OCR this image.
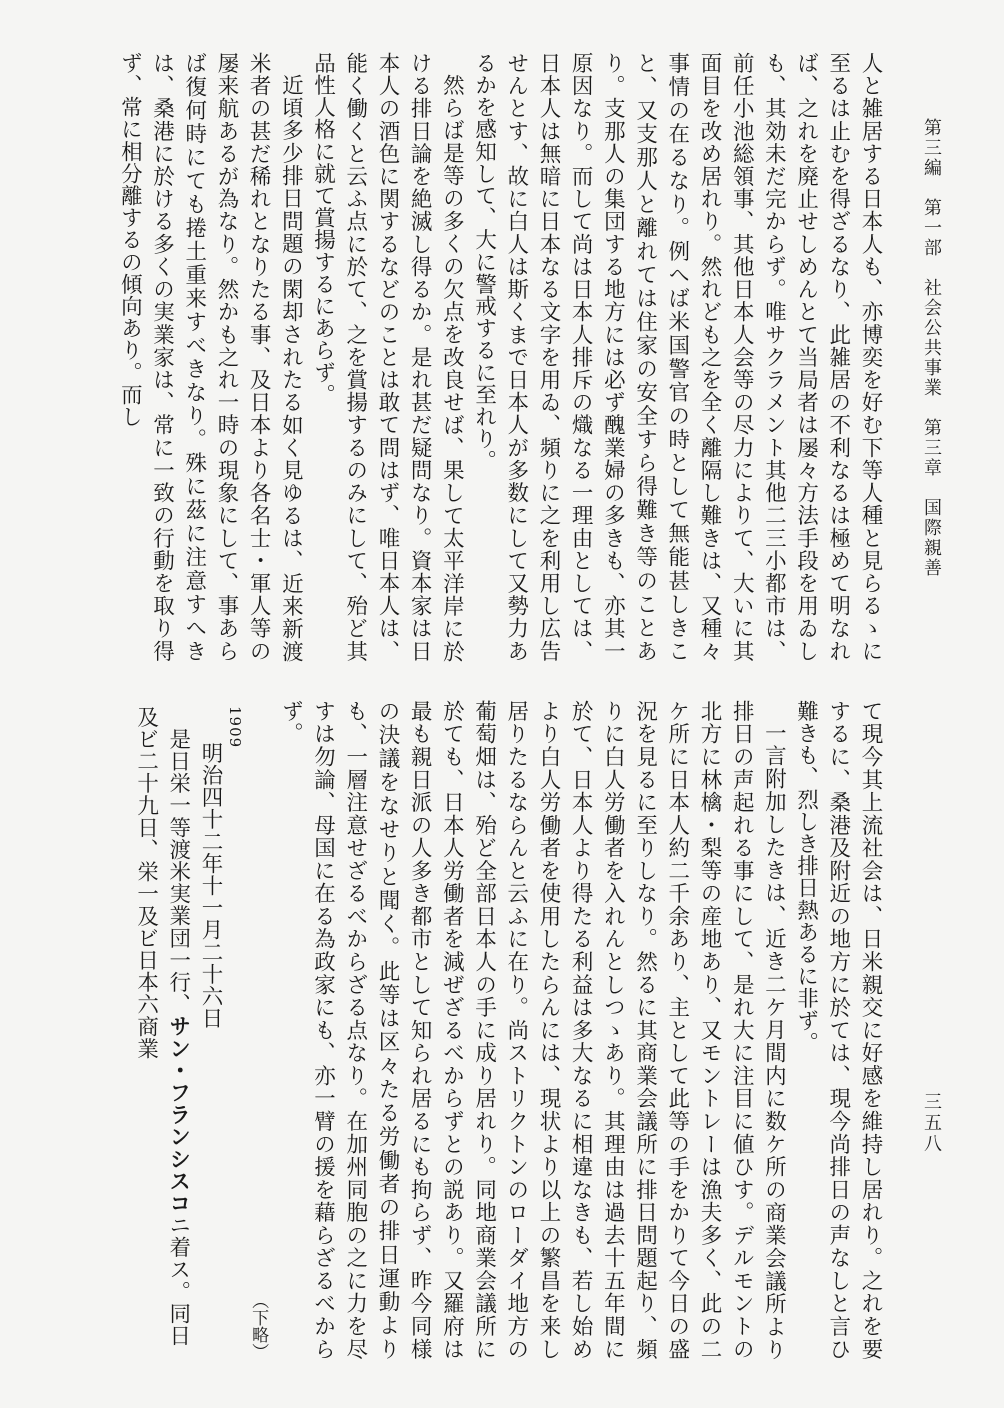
第三編　第一部　社会公共事業　第三章　国際親善
三五八

人と雑居する日本人も、亦博奕を好む下等人種と見らるゝに至るは止むを得ざるなり、此雑居の不利なるは極めて明なれば、之れを廃止せしめんとて当局者は屡々方法手段を用ゐしも、其効未だ完からず。唯サクラメント其他二三小都市は、前任小池総領事、其他日本人会等の尽力によりて、大いに其面目を改め居れり。然れども之を全く離隔し難きは、又種々事情の在るなり。例へば米国警官の時として無能甚しきこと、又支那人と離れては住家の安全すら得難き等のことあり。支那人の集団する地方には必ず醜業婦の多きも、亦其一原因なり。而して尚は日本人排斥の熾なる一理由としては、日本人は無暗に日本なる文字を用ゐ、頻りに之を利用し広告せんとす、故に白人は斯くまで日本人が多数にして又勢力あるかを感知して、大に警戒するに至れり。

然らば是等の多くの欠点を改良せば、果して太平洋岸に於ける排日論を絶滅し得るか。是れ甚だ疑問なり。資本家は日本人の酒色に関するなどのことは敢て問はず、唯日本人は、能く働くと云ふ点に於て、之を賞揚するのみにして、殆ど其品性人格に就て賞揚するにあらず。

近頃多少排日問題の閑却されたる如く見ゆるは、近来新渡米者の甚だ稀れとなりたる事、及日本より各名士・軍人等の屡来航あるが為なり。然かも之れ一時の現象にして、事あらば復何時にても捲土重来すべきなり。殊に茲に注意すへきは、桑港に於ける多くの実業家は、常に一致の行動を取り得ず、常に相分離するの傾向あり。而し

て現今其上流社会は、日米親交に好感を維持し居れり。之れを要するに、桑港及附近の地方に於ては、現今尚排日の声なしと言ひ難きも、烈しき排日熱あるに非ず。

一言附加したきは、近き二ケ月間内に数ケ所の商業会議所より排日の声起れる事にして、是れ大に注目に値ひす。デルモントの北方に林檎・梨等の産地あり、又モントレーは漁夫多く、此の二ケ所に日本人約二千余あり、主として此等の手をかりて今日の盛況を見るに至りしなり。然るに其商業会議所に排日問題起り、頻りに白人労働者を入れんとしつゝあり。其理由は過去十五年間に於て、日本人より得たる利益は多大なるに相違なきも、若し始めより白人労働者を使用したらんには、現状より以上の繁昌を来し居りたるならんと云ふに在り。尚ストリクトンのローダイ地方の葡萄畑は、殆ど全部日本人の手に成り居れり。同地商業会議所に於ても、日本人労働者を減ぜざるべからずとの説あり。又羅府は最も親日派の人多き都市として知られ居るにも拘らず、昨今同様の決議をなせりと聞く。此等は区々たる労働者の排日運動よりも、一層注意せざるべからざる点なり。在加州同胞の之に力を尽すは勿論、母国に在る為政家にも、亦一臂の援を藉らざるべからず。

（下略）

1909
明治四十二年十一月二十六日
是日栄一等渡米実業団一行、サン・フランシスコニ着ス。同日及ビ二十九日、栄一及ビ日本六商業
